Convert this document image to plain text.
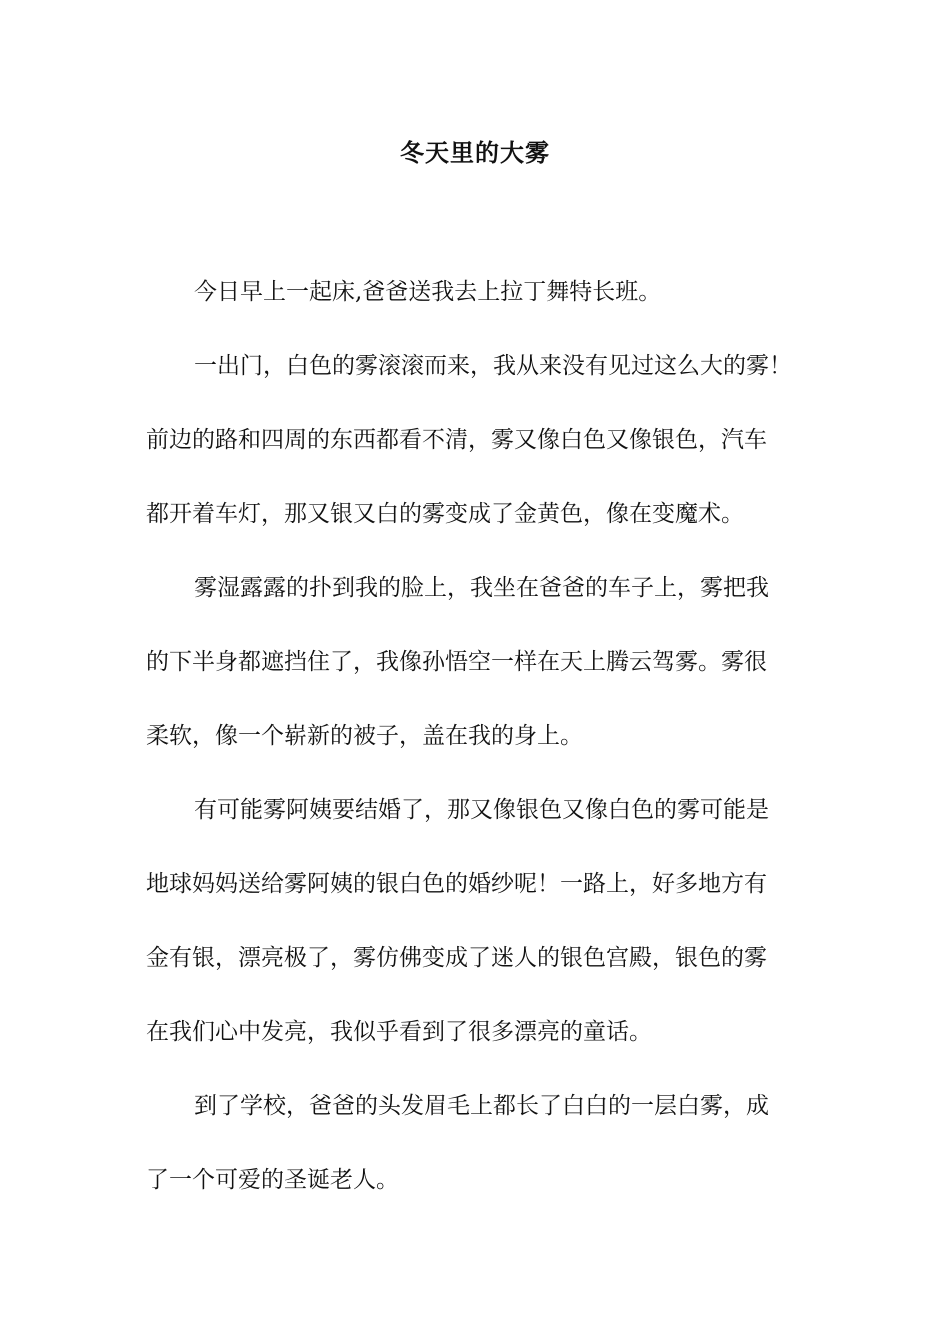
冬天里的大雾

今日早上一起床,爸爸送我去上拉丁舞特长班。

一出门，白色的雾滚滚而来，我从来没有见过这么大的雾！
前边的路和四周的东西都看不清，雾又像白色又像银色，汽车
都开着车灯，那又银又白的雾变成了金黄色，像在变魔术。

雾湿露露的扑到我的脸上，我坐在爸爸的车子上，雾把我
的下半身都遮挡住了，我像孙悟空一样在天上腾云驾雾。雾很
柔软，像一个崭新的被子，盖在我的身上。

有可能雾阿姨要结婚了，那又像银色又像白色的雾可能是
地球妈妈送给雾阿姨的银白色的婚纱呢！一路上，好多地方有
金有银，漂亮极了，雾仿佛变成了迷人的银色宫殿，银色的雾
在我们心中发亮，我似乎看到了很多漂亮的童话。

到了学校，爸爸的头发眉毛上都长了白白的一层白雾，成
了一个可爱的圣诞老人。
